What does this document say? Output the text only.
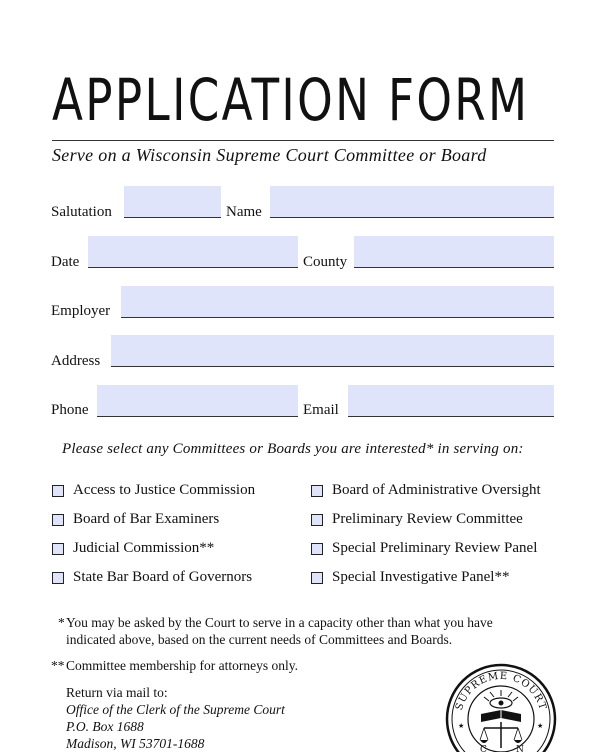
APPLICATION FORM
Serve on a Wisconsin Supreme Court Committee or Board
Salutation	Name
Date	County
Employer
Address
Phone	Email
Please select any Committees or Boards you are interested* in serving on:
Access to Justice Commission
Board of Bar Examiners
Judicial Commission**
State Bar Board of Governors
Board of Administrative Oversight
Preliminary Review Committee
Special Preliminary Review Panel
Special Investigative Panel**
* You may be asked by the Court to serve in a capacity other than what you have
indicated above, based on the current needs of Committees and Boards.
** Committee membership for attorneys only.
Return via mail to:
Office of the Clerk of the Supreme Court
P.O. Box 1688
Madison, WI 53701-1688
SUPREME COURT
★	★
C	N
